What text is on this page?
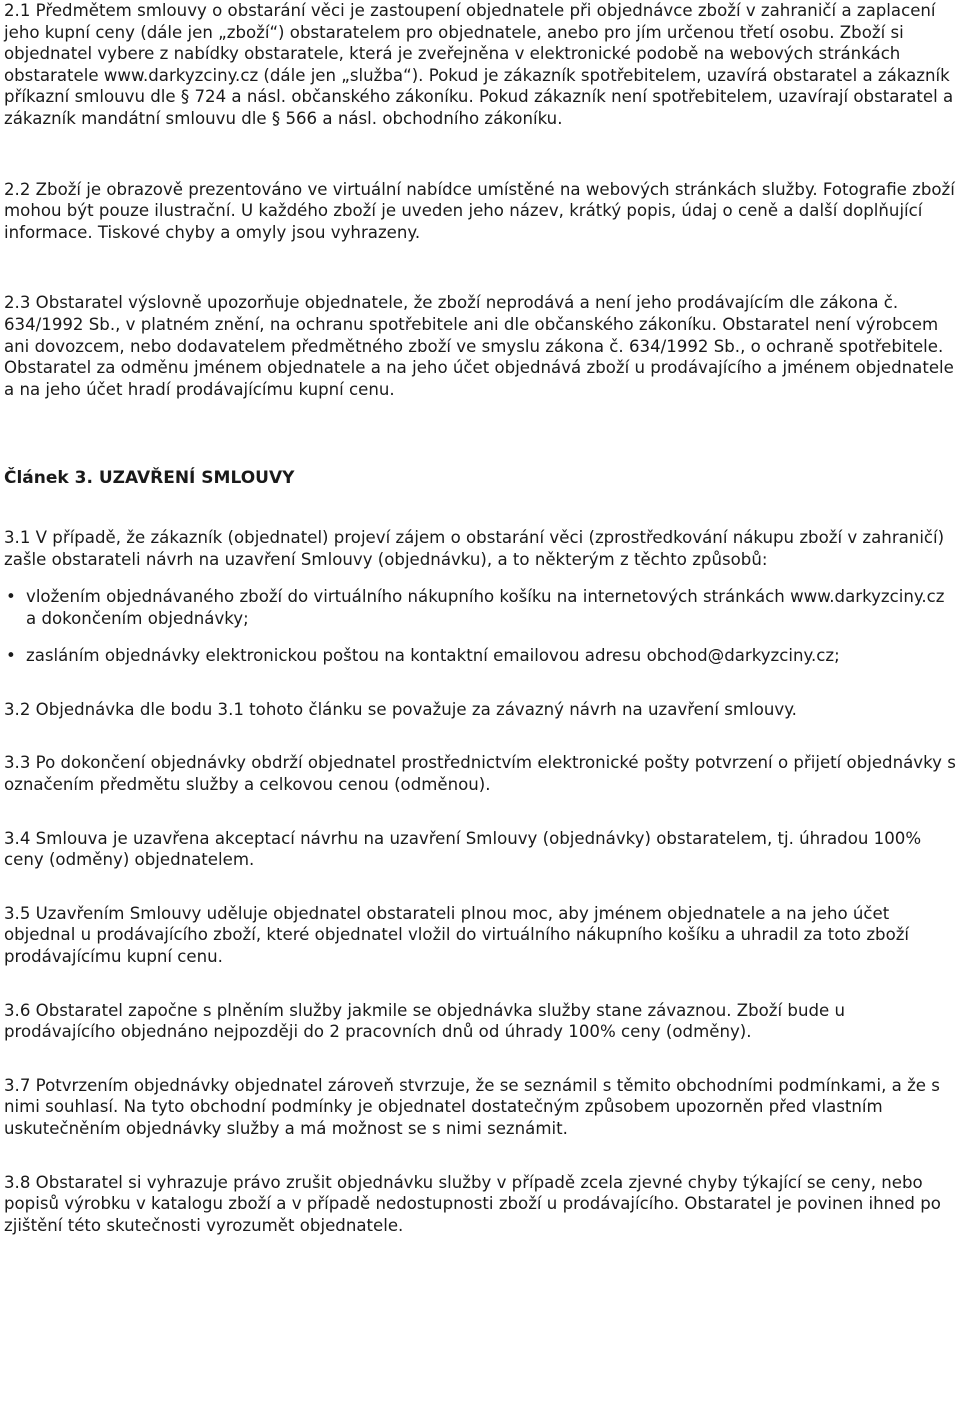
2.1 Předmětem smlouvy o obstarání věci je zastoupení objednatele při objednávce zboží v zahraničí a zaplacení jeho kupní ceny (dále jen „zboží“) obstaratelem pro objednatele, anebo pro jím určenou třetí osobu. Zboží si objednatel vybere z nabídky obstaratele, která je zveřejněna v elektronické podobě na webových stránkách obstaratele www.darkyzciny.cz (dále jen „služba“). Pokud je zákazník spotřebitelem, uzavírá obstaratel a zákazník příkazní smlouvu dle § 724 a násl. občanského zákoníku. Pokud zákazník není spotřebitelem, uzavírají obstaratel a zákazník mandátní smlouvu dle § 566 a násl. obchodního zákoníku.

2.2 Zboží je obrazově prezentováno ve virtuální nabídce umístěné na webových stránkách služby. Fotografie zboží mohou být pouze ilustrační. U každého zboží je uveden jeho název, krátký popis, údaj o ceně a další doplňující informace. Tiskové chyby a omyly jsou vyhrazeny.

2.3 Obstaratel výslovně upozorňuje objednatele, že zboží neprodává a není jeho prodávajícím dle zákona č. 634/1992 Sb., v platném znění, na ochranu spotřebitele ani dle občanského zákoníku. Obstaratel není výrobcem ani dovozcem, nebo dodavatelem předmětného zboží ve smyslu zákona č. 634/1992 Sb., o ochraně spotřebitele. Obstaratel za odměnu jménem objednatele a na jeho účet objednává zboží u prodávajícího a jménem objednatele a na jeho účet hradí prodávajícímu kupní cenu.

Článek 3. UZAVŘENÍ SMLOUVY

3.1 V případě, že zákazník (objednatel) projeví zájem o obstarání věci (zprostředkování nákupu zboží v zahraničí) zašle obstarateli návrh na uzavření Smlouvy (objednávku), a to některým z těchto způsobů:

• vložením objednávaného zboží do virtuálního nákupního košíku na internetových stránkách www.darkyzciny.cz a dokončením objednávky;
• zasláním objednávky elektronickou poštou na kontaktní emailovou adresu obchod@darkyzciny.cz;

3.2 Objednávka dle bodu 3.1 tohoto článku se považuje za závazný návrh na uzavření smlouvy.

3.3 Po dokončení objednávky obdrží objednatel prostřednictvím elektronické pošty potvrzení o přijetí objednávky s označením předmětu služby a celkovou cenou (odměnou).

3.4 Smlouva je uzavřena akceptací návrhu na uzavření Smlouvy (objednávky) obstaratelem, tj. úhradou 100% ceny (odměny) objednatelem.

3.5 Uzavřením Smlouvy uděluje objednatel obstarateli plnou moc, aby jménem objednatele a na jeho účet objednal u prodávajícího zboží, které objednatel vložil do virtuálního nákupního košíku a uhradil za toto zboží prodávajícímu kupní cenu.

3.6 Obstaratel započne s plněním služby jakmile se objednávka služby stane závaznou. Zboží bude u prodávajícího objednáno nejpozději do 2 pracovních dnů od úhrady 100% ceny (odměny).

3.7 Potvrzením objednávky objednatel zároveň stvrzuje, že se seznámil s těmito obchodními podmínkami, a že s nimi souhlasí. Na tyto obchodní podmínky je objednatel dostatečným způsobem upozorněn před vlastním uskutečněním objednávky služby a má možnost se s nimi seznámit.

3.8 Obstaratel si vyhrazuje právo zrušit objednávku služby v případě zcela zjevné chyby týkající se ceny, nebo popisů výrobku v katalogu zboží a v případě nedostupnosti zboží u prodávajícího. Obstaratel je povinen ihned po zjištění této skutečnosti vyrozumět objednatele.
